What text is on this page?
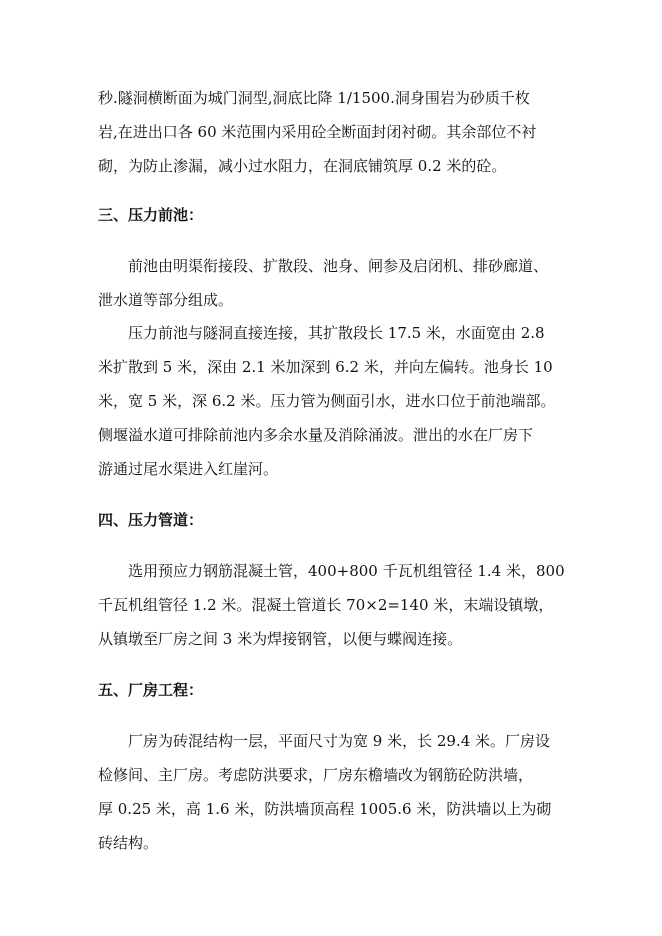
秒.隧洞横断面为城门洞型,洞底比降 1/1500.洞身围岩为砂质千枚
岩,在进出口各 60 米范围内采用砼全断面封闭衬砌。其余部位不衬
砌，为防止渗漏，减小过水阻力，在洞底铺筑厚 0.2 米的砼。
三、压力前池：
前池由明渠衔接段、扩散段、池身、闸参及启闭机、排砂廊道、
泄水道等部分组成。
压力前池与隧洞直接连接，其扩散段长 17.5 米，水面宽由 2.8
米扩散到 5 米，深由 2.1 米加深到 6.2 米，并向左偏转。池身长 10
米，宽 5 米，深 6.2 米。压力管为侧面引水，进水口位于前池端部。
侧堰溢水道可排除前池内多余水量及消除涌波。泄出的水在厂房下
游通过尾水渠进入红崖河。
四、压力管道：
选用预应力钢筋混凝土管，400+800 千瓦机组管径 1.4 米，800
千瓦机组管径 1.2 米。混凝土管道长 70×2=140 米，末端设镇墩，
从镇墩至厂房之间 3 米为焊接钢管，以便与蝶阀连接。
五、厂房工程：
厂房为砖混结构一层，平面尺寸为宽 9 米，长 29.4 米。厂房设
检修间、主厂房。考虑防洪要求，厂房东檐墙改为钢筋砼防洪墙，
厚 0.25 米，高 1.6 米，防洪墙顶高程 1005.6 米，防洪墙以上为砌
砖结构。
